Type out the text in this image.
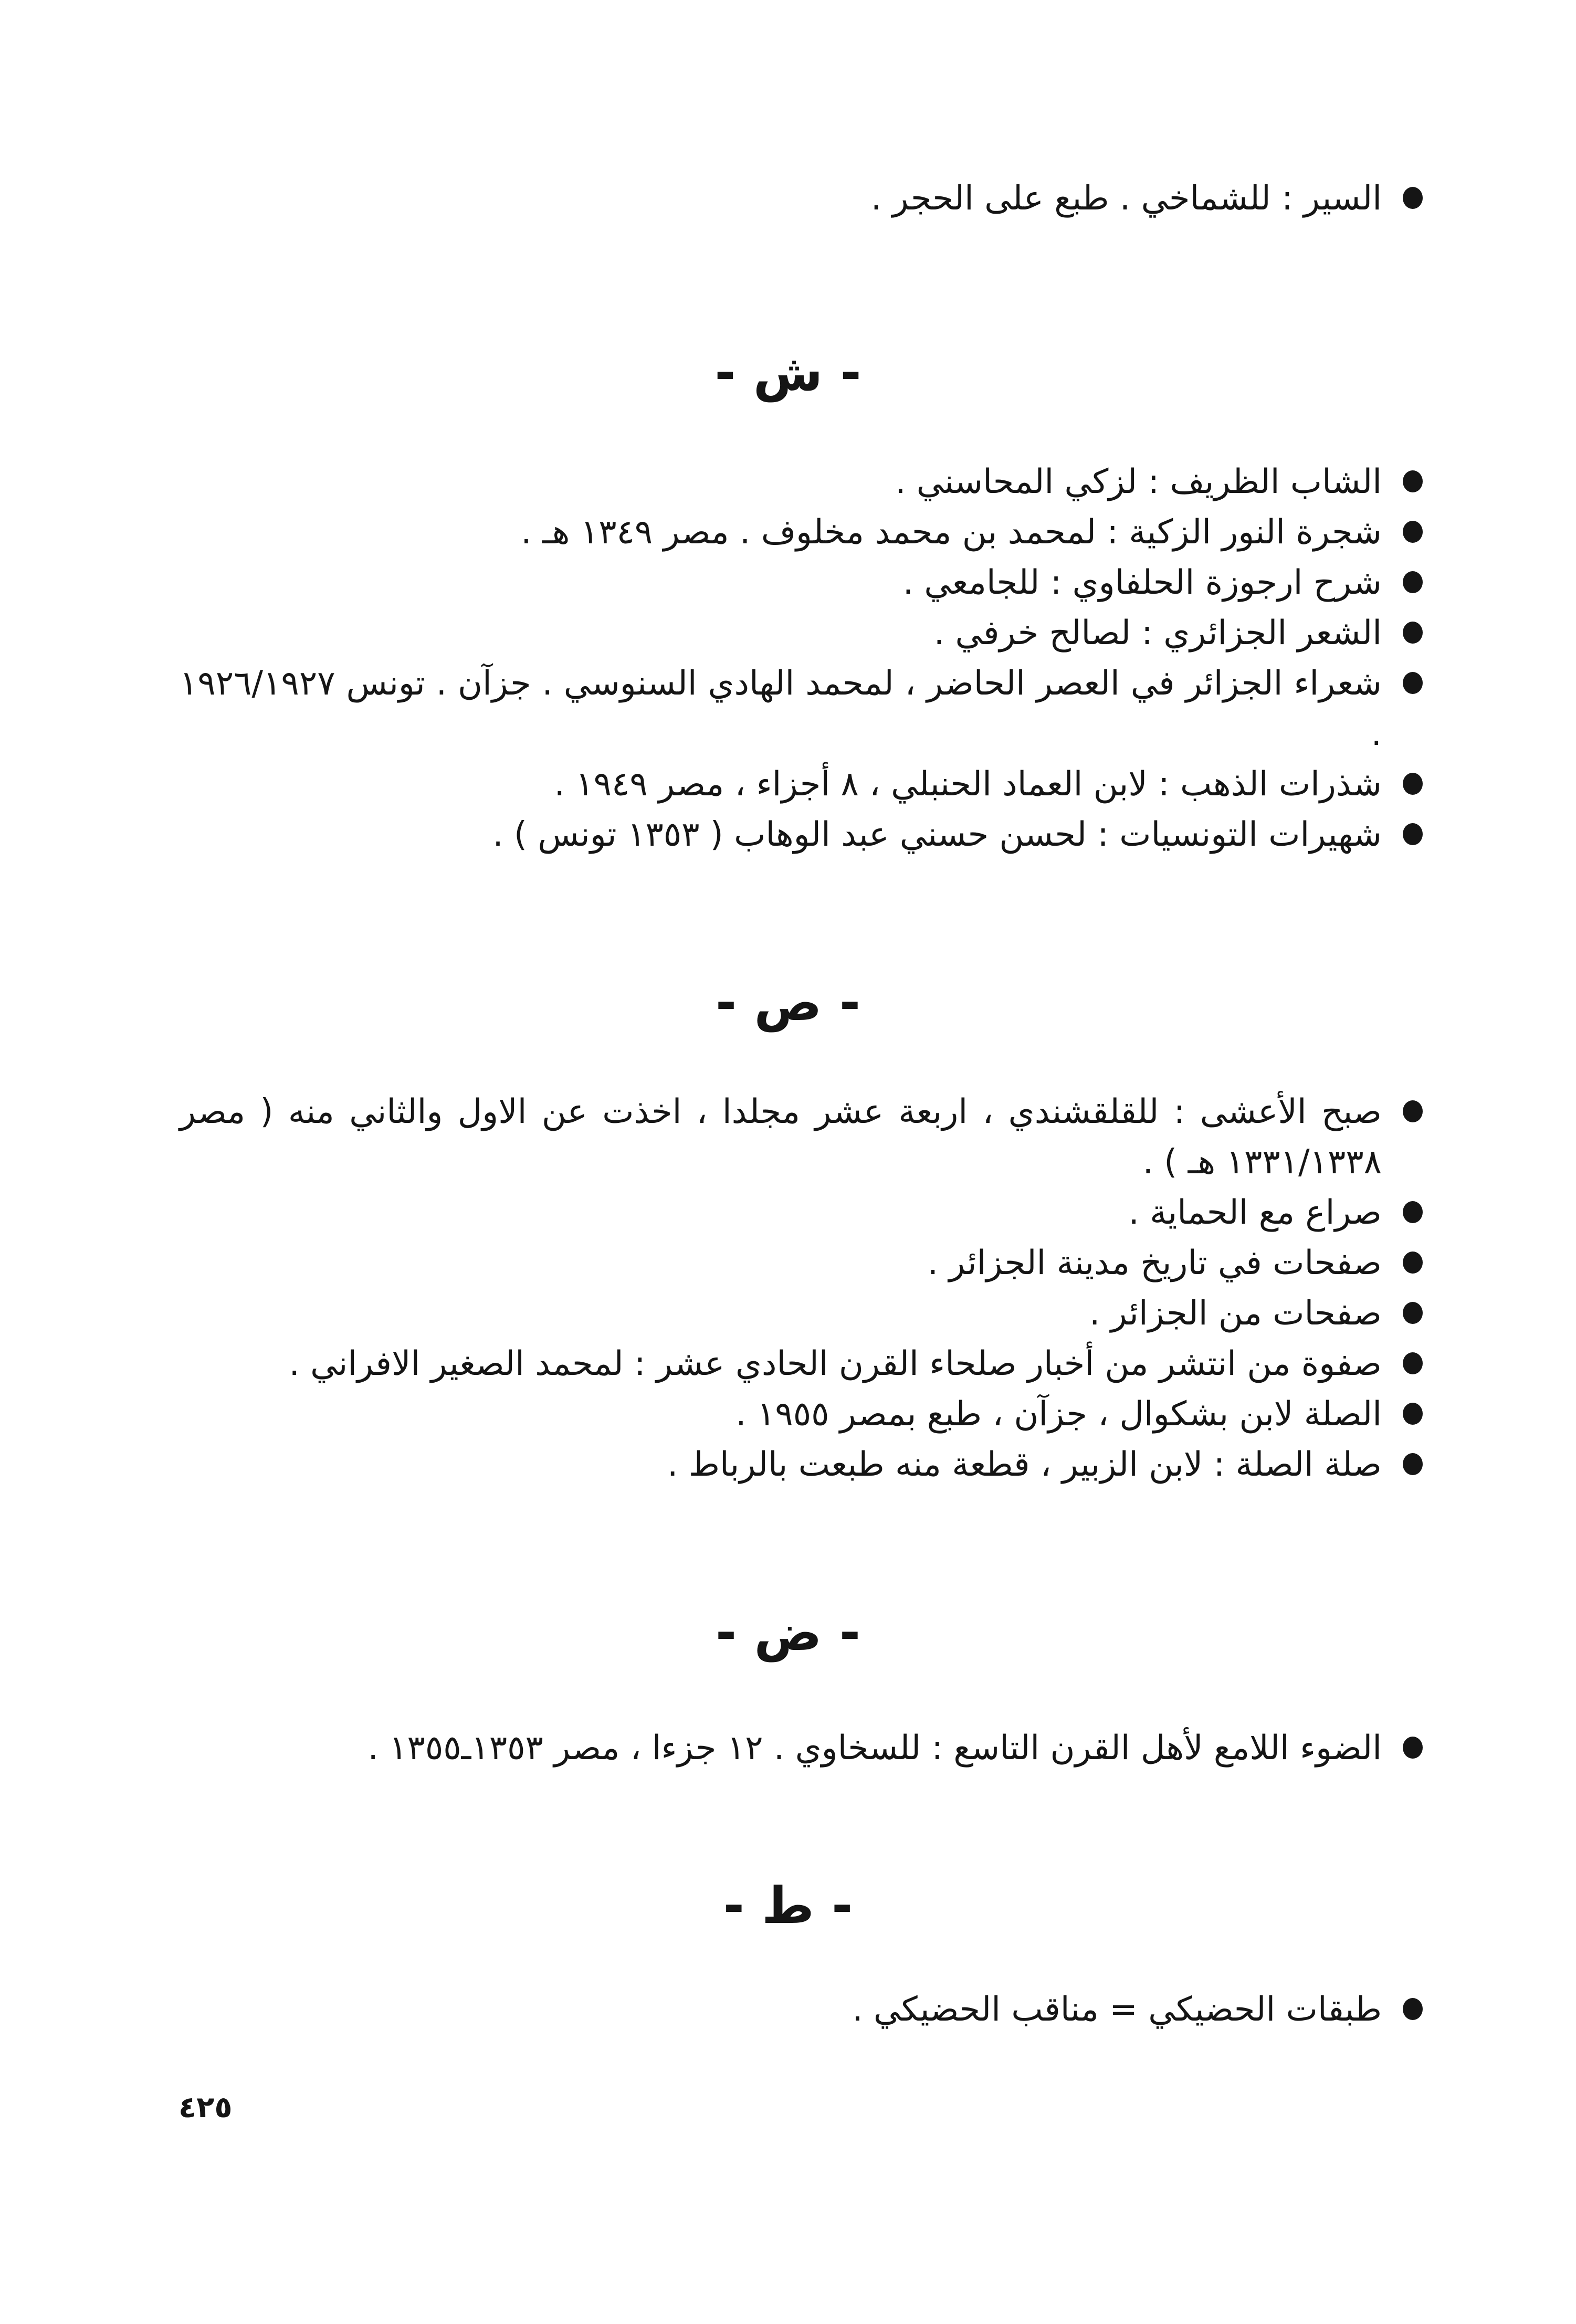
السير : للشماخي . طبع على الحجر .
- ش -
الشاب الظريف : لزكي المحاسني .
شجرة النور الزكية : لمحمد بن محمد مخلوف . مصر ١٣٤٩ هـ .
شرح ارجوزة الحلفاوي : للجامعي .
الشعر الجزائري : لصالح خرفي .
شعراء الجزائر في العصر الحاضر ، لمحمد الهادي السنوسي . جزآن . تونس ١٩٢٦/١٩٢٧ .
شذرات الذهب : لابن العماد الحنبلي ، ٨ أجزاء ، مصر ١٩٤٩ .
شهيرات التونسيات : لحسن حسني عبد الوهاب ( ١٣٥٣ تونس ) .
- ص -
صبح الأعشى : للقلقشندي ، اربعة عشر مجلدا ، اخذت عن الاول والثاني منه ( مصر ١٣٣١/١٣٣٨ هـ ) .
صراع مع الحماية .
صفحات في تاريخ مدينة الجزائر .
صفحات من الجزائر .
صفوة من انتشر من أخبار صلحاء القرن الحادي عشر : لمحمد الصغير الافراني .
الصلة لابن بشكوال ، جزآن ، طبع بمصر ١٩٥٥ .
صلة الصلة : لابن الزبير ، قطعة منه طبعت بالرباط .
- ض -
الضوء اللامع لأهل القرن التاسع : للسخاوي . ١٢ جزءا ، مصر ١٣٥٣ـ١٣٥٥ .
- ط -
طبقات الحضيكي = مناقب الحضيكي .
٤٢٥
